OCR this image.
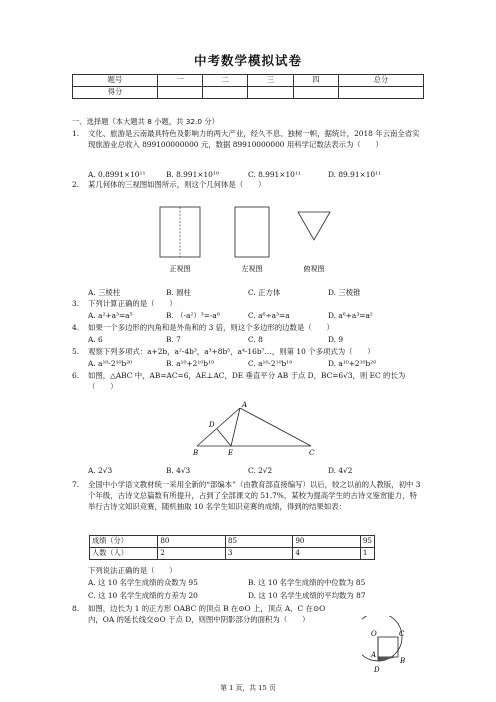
中考数学模拟试卷
题号	一	二	三	四	总分
得分					
一、选择题（本大题共 8 小题，共 32.0 分）
1. 文化、旅游是云南最具特色及影响力的两大产业，经久不息、独树一帜，据统计，2018 年云南全省实现旅游业总收入 899100000000 元，数据 89910000000 用科学记数法表示为（　　）
A. 0.8991×10¹¹	B. 8.991×10¹⁰	C. 8.991×10¹¹	D. 89.91×10¹¹
2. 某几何体的三视图如图所示，则这个几何体是（　　）
正视图	左视图	俯视图
A. 三棱柱	B. 圆柱	C. 正方体	D. 三棱锥
3. 下列计算正确的是（　　）
A. a²+a³=a⁵	B. （-a²）³=-a⁶	C. a⁶÷a³=a	D. a⁶+a³=a²
4. 如果一个多边形的内角和是外角和的 3 倍，则这个多边形的边数是（　　）
A. 6	B. 7	C. 8	D. 9
5. 观察下列多项式：a+2b，a²-4b³，a³+8b⁵，a⁴-16b⁷…，则第 10 个多项式为（　　）
A. a¹⁰-2¹⁰b²⁰	B. a¹⁰+2¹⁰b¹⁹	C. a¹⁰-2¹⁰b¹⁹	D. a¹⁰+2¹⁰b²⁰
6. 如图，△ABC 中，AB=AC=6，AE⊥AC，DE 垂直平分 AB 于点 D，BC=6√3，则 EC 的长为（　　）
A
D
B	E	C
A. 2√3	B. 4√3	C. 2√2	D. 4√2
7. 全国中小学语文教材统一采用全新的“部编本”（由教育部直接编写）以后，较之以前的人教版，初中 3 个年级，古诗文总篇数有所提升，占到了全部课文的 51.7%，某校为提高学生的古诗文鉴赏能力，特举行古诗文知识竞赛，随机抽取 10 名学生知识竞赛的成绩，得到的结果如表：
成绩（分）	80	85	90	95
人数（人）	2	3	4	1
下列说法正确的是（　　）
A. 这 10 名学生成绩的众数为 95	B. 这 10 名学生成绩的中位数为 85
C. 这 10 名学生成绩的方差为 20	D. 这 10 名学生成绩的平均数为 87
8. 如图，边长为 1 的正方形 OABC 的顶点 B 在⊙O 上，顶点 A、C 在⊙O 内，OA 的延长线交⊙O 于点 D，则图中阴影部分的面积为（　　）
O	C
A
B
D
第 1 页，共 15 页
